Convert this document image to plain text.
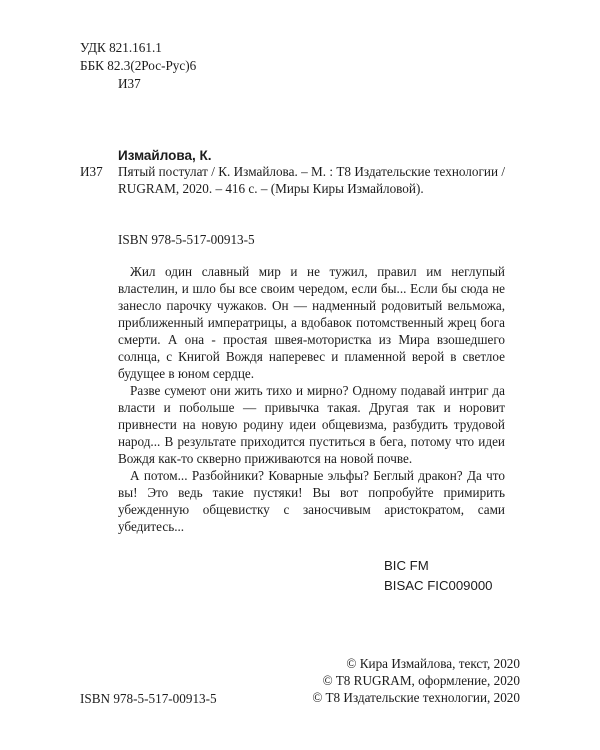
УДК 821.161.1
ББК 82.3(2Рос-Рус)6
И37
Измайлова, К.
И37 Пятый постулат / К. Измайлова. – М. : T8 Издательские технологии / RUGRAM, 2020. – 416 с. – (Миры Киры Измайловой).
ISBN 978-5-517-00913-5

Жил один славный мир и не тужил, правил им неглупый властелин, и шло бы все своим чередом, если бы... Если бы сюда не занесло парочку чужаков. Он — надменный родовитый вельможа, приближенный императрицы, а вдобавок потомственный жрец бога смерти. А она - простая швея-мотористка из Мира взошедшего солнца, с Книгой Вождя наперевес и пламенной верой в светлое будущее в юном сердце.

Разве сумеют они жить тихо и мирно? Одному подавай интриг да власти и побольше — привычка такая. Другая так и норовит привнести на новую родину идеи общевизма, разбудить трудовой народ... В результате приходится пуститься в бега, потому что идеи Вождя как-то скверно приживаются на новой почве.

А потом... Разбойники? Коварные эльфы? Беглый дракон? Да что вы! Это ведь такие пустяки! Вы вот попробуйте примирить убежденную общевистку с заносчивым аристократом, сами убедитесь...

BIC FM
BISAC FIC009000
© Кира Измайлова, текст, 2020
© T8 RUGRAM, оформление, 2020
© T8 Издательские технологии, 2020
ISBN 978-5-517-00913-5
